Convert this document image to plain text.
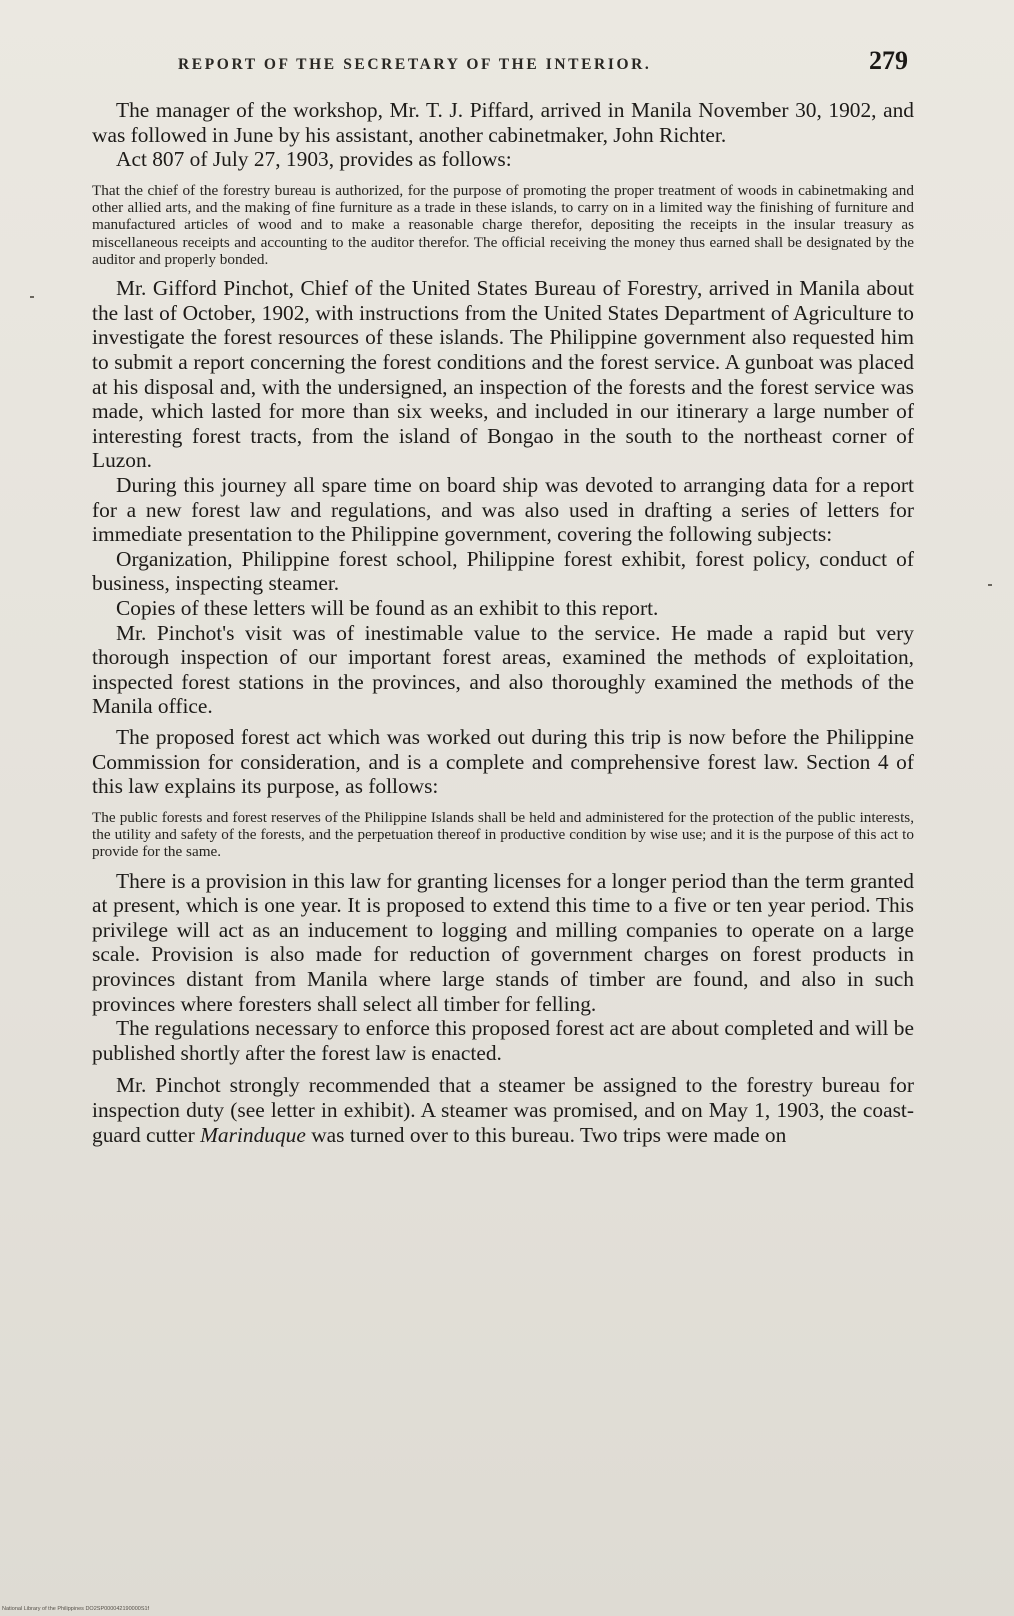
REPORT OF THE SECRETARY OF THE INTERIOR.	279

The manager of the workshop, Mr. T. J. Piffard, arrived in Manila November 30, 1902, and was followed in June by his assistant, another cabinetmaker, John Richter.

Act 807 of July 27, 1903, provides as follows:

That the chief of the forestry bureau is authorized, for the purpose of promoting the proper treatment of woods in cabinetmaking and other allied arts, and the making of fine furniture as a trade in these islands, to carry on in a limited way the finishing of furniture and manufactured articles of wood and to make a reasonable charge therefor, depositing the receipts in the insular treasury as miscellaneous receipts and accounting to the auditor therefor. The official receiving the money thus earned shall be designated by the auditor and properly bonded.

Mr. Gifford Pinchot, Chief of the United States Bureau of Forestry, arrived in Manila about the last of October, 1902, with instructions from the United States Department of Agriculture to investigate the forest resources of these islands. The Philippine government also requested him to submit a report concerning the forest conditions and the forest service. A gunboat was placed at his disposal and, with the undersigned, an inspection of the forests and the forest service was made, which lasted for more than six weeks, and included in our itinerary a large number of interesting forest tracts, from the island of Bongao in the south to the northeast corner of Luzon.

During this journey all spare time on board ship was devoted to arranging data for a report for a new forest law and regulations, and was also used in drafting a series of letters for immediate presentation to the Philippine government, covering the following subjects:

Organization, Philippine forest school, Philippine forest exhibit, forest policy, conduct of business, inspecting steamer.

Copies of these letters will be found as an exhibit to this report.

Mr. Pinchot's visit was of inestimable value to the service. He made a rapid but very thorough inspection of our important forest areas, examined the methods of exploitation, inspected forest stations in the provinces, and also thoroughly examined the methods of the Manila office.

The proposed forest act which was worked out during this trip is now before the Philippine Commission for consideration, and is a complete and comprehensive forest law. Section 4 of this law explains its purpose, as follows:

The public forests and forest reserves of the Philippine Islands shall be held and administered for the protection of the public interests, the utility and safety of the forests, and the perpetuation thereof in productive condition by wise use; and it is the purpose of this act to provide for the same.

There is a provision in this law for granting licenses for a longer period than the term granted at present, which is one year. It is proposed to extend this time to a five or ten year period. This privilege will act as an inducement to logging and milling companies to operate on a large scale. Provision is also made for reduction of government charges on forest products in provinces distant from Manila where large stands of timber are found, and also in such provinces where foresters shall select all timber for felling.

The regulations necessary to enforce this proposed forest act are about completed and will be published shortly after the forest law is enacted.

Mr. Pinchot strongly recommended that a steamer be assigned to the forestry bureau for inspection duty (see letter in exhibit). A steamer was promised, and on May 1, 1903, the coast-guard cutter Marinduque was turned over to this bureau. Two trips were made on

National Library of the Philippines DO2SP000042190000S1f
